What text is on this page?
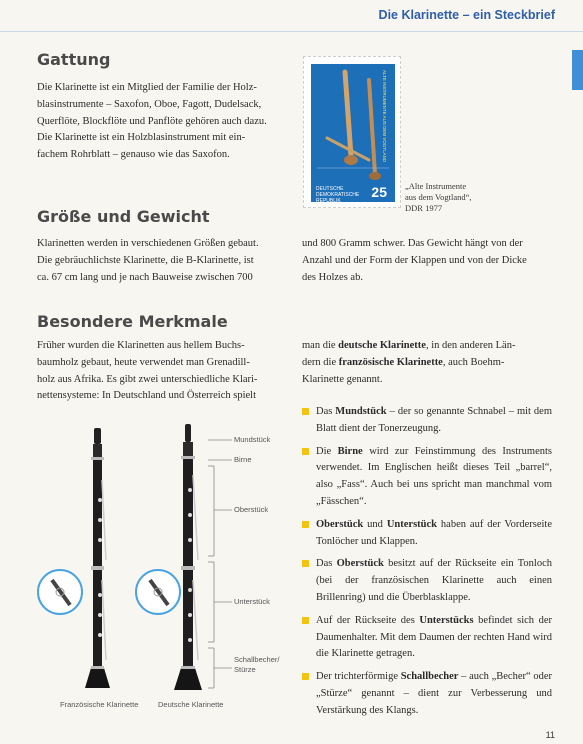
Die Klarinette – ein Steckbrief
Gattung
Die Klarinette ist ein Mitglied der Familie der Holz-
blasinstrumente – Saxofon, Oboe, Fagott, Dudelsack,
Querflöte, Blockflöte und Panflöte gehören auch dazu.
Die Klarinette ist ein Holzblasinstrument mit ein-
fachem Rohrblatt – genauso wie das Saxofon.	ALTE INSTRUMENTE AUS DEM VOGTLAND
DEUTSCHE
DEMOKRATISCHE
REPUBLIK
25 „Alte Instrumente
aus dem Vogtland“,
DDR 1977
Größe und Gewicht
Klarinetten werden in verschiedenen Größen gebaut.
Die gebräuchlichste Klarinette, die B-Klarinette, ist
ca. 67 cm lang und je nach Bauweise zwischen 700
und 800 Gramm schwer. Das Gewicht hängt von der
Anzahl und der Form der Klappen und von der Dicke
des Holzes ab.
Besondere Merkmale
Früher wurden die Klarinetten aus hellem Buchs-
baumholz gebaut, heute verwendet man Grenadill-
holz aus Afrika. Es gibt zwei unterschiedliche Klari-
nettensysteme: In Deutschland und Österreich spielt
man die deutsche Klarinette, in den anderen Län-
dern die französische Klarinette, auch Boehm-
Klarinette genannt.
Das Mundstück – der so genannte Schnabel – mit dem Blatt dient der Tonerzeugung.
Die Birne wird zur Feinstimmung des Instruments verwendet. Im Englischen heißt dieses Teil „barrel“, also „Fass“. Auch bei uns spricht man manchmal vom „Fässchen“.
Oberstück und Unterstück haben auf der Vorderseite Tonlöcher und Klappen.
Das Oberstück besitzt auf der Rückseite ein Tonloch (bei der französischen Klarinette auch einen Brillenring) und die Überblasklappe.
Auf der Rückseite des Unterstücks befindet sich der Daumenhalter. Mit dem Daumen der rechten Hand wird die Klarinette getragen.
Der trichterförmige Schallbecher – auch „Becher“ oder „Stürze“ genannt – dient zur Verbesserung und Verstärkung des Klangs.
Mundstück
Birne
Oberstück
Unterstück
Schallbecher/
Stürze
Französische Klarinette	Deutsche Klarinette
11
